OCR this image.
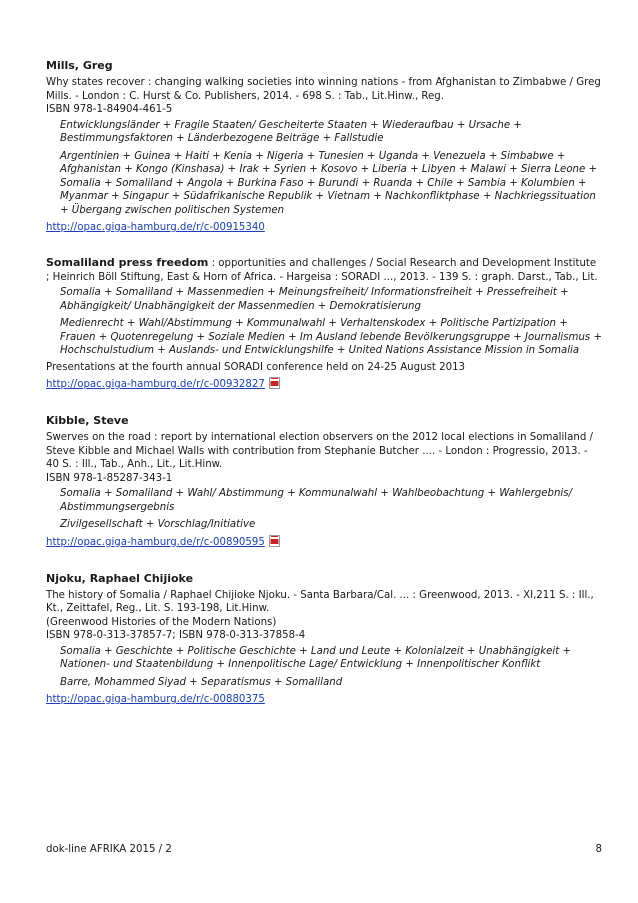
Mills, Greg

Why states recover : changing walking societies into winning nations - from Afghanistan to Zimbabwe / Greg Mills. - London : C. Hurst & Co. Publishers, 2014. - 698 S. : Tab., Lit.Hinw., Reg.

ISBN 978-1-84904-461-5

Entwicklungsländer + Fragile Staaten/ Gescheiterte Staaten + Wiederaufbau + Ursache + Bestimmungsfaktoren + Länderbezogene Beiträge + Fallstudie

Argentinien + Guinea + Haiti + Kenia + Nigeria + Tunesien + Uganda + Venezuela + Simbabwe + Afghanistan + Kongo (Kinshasa) + Irak + Syrien + Kosovo + Liberia + Libyen + Malawi + Sierra Leone + Somalia + Somaliland + Angola + Burkina Faso + Burundi + Ruanda + Chile + Sambia + Kolumbien + Myanmar + Singapur + Südafrikanische Republik + Vietnam + Nachkonfliktphase + Nachkriegssituation + Übergang zwischen politischen Systemen

http://opac.giga-hamburg.de/r/c-00915340

Somaliland press freedom : opportunities and challenges / Social Research and Development Institute ; Heinrich Böll Stiftung, East & Horn of Africa. - Hargeisa : SORADI ..., 2013. - 139 S. : graph. Darst., Tab., Lit.

Somalia + Somaliland + Massenmedien + Meinungsfreiheit/ Informationsfreiheit + Pressefreiheit + Abhängigkeit/ Unabhängigkeit der Massenmedien + Demokratisierung

Medienrecht + Wahl/Abstimmung + Kommunalwahl + Verhaltenskodex + Politische Partizipation + Frauen + Quotenregelung + Soziale Medien + Im Ausland lebende Bevölkerungsgruppe + Journalismus + Hochschulstudium + Auslands- und Entwicklungshilfe + United Nations Assistance Mission in Somalia

Presentations at the fourth annual SORADI conference held on 24-25 August 2013

http://opac.giga-hamburg.de/r/c-00932827
Kibble, Steve

Swerves on the road : report by international election observers on the 2012 local elections in Somaliland / Steve Kibble and Michael Walls with contribution from Stephanie Butcher .... - London : Progressio, 2013. - 40 S. : Ill., Tab., Anh., Lit., Lit.Hinw.

ISBN 978-1-85287-343-1

Somalia + Somaliland + Wahl/ Abstimmung + Kommunalwahl + Wahlbeobachtung + Wahlergebnis/ Abstimmungsergebnis

Zivilgesellschaft + Vorschlag/Initiative

http://opac.giga-hamburg.de/r/c-00890595
Njoku, Raphael Chijioke

The history of Somalia / Raphael Chijioke Njoku. - Santa Barbara/Cal. ... : Greenwood, 2013. - XI,211 S. : Ill., Kt., Zeittafel, Reg., Lit. S. 193-198, Lit.Hinw.

(Greenwood Histories of the Modern Nations)

ISBN 978-0-313-37857-7; ISBN 978-0-313-37858-4

Somalia + Geschichte + Politische Geschichte + Land und Leute + Kolonialzeit + Unabhängigkeit + Nationen- und Staatenbildung + Innenpolitische Lage/ Entwicklung + Innenpolitischer Konflikt

Barre, Mohammed Siyad + Separatismus + Somaliland

http://opac.giga-hamburg.de/r/c-00880375
dok-line AFRIKA 2015 / 2	8
